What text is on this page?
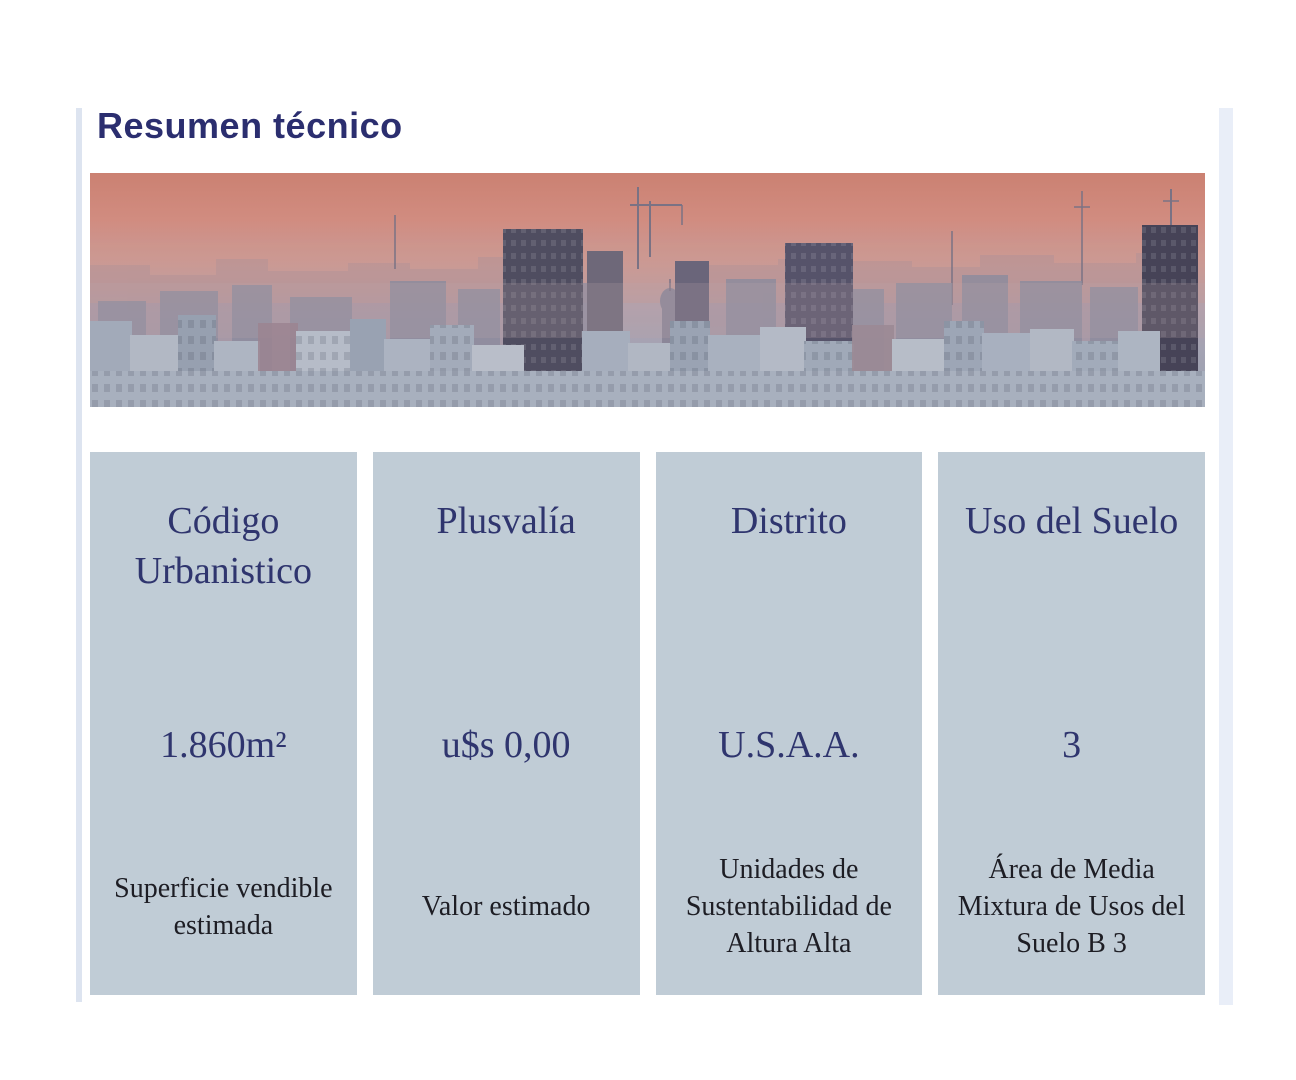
Resumen técnico
Código Urbanistico
1.860m²
Superficie vendible estimada
Plusvalía
u$s 0,00
Valor estimado
Distrito
U.S.A.A.
Unidades de Sustentabilidad de Altura Alta
Uso del Suelo
3
Área de Media Mixtura de Usos del Suelo B 3
